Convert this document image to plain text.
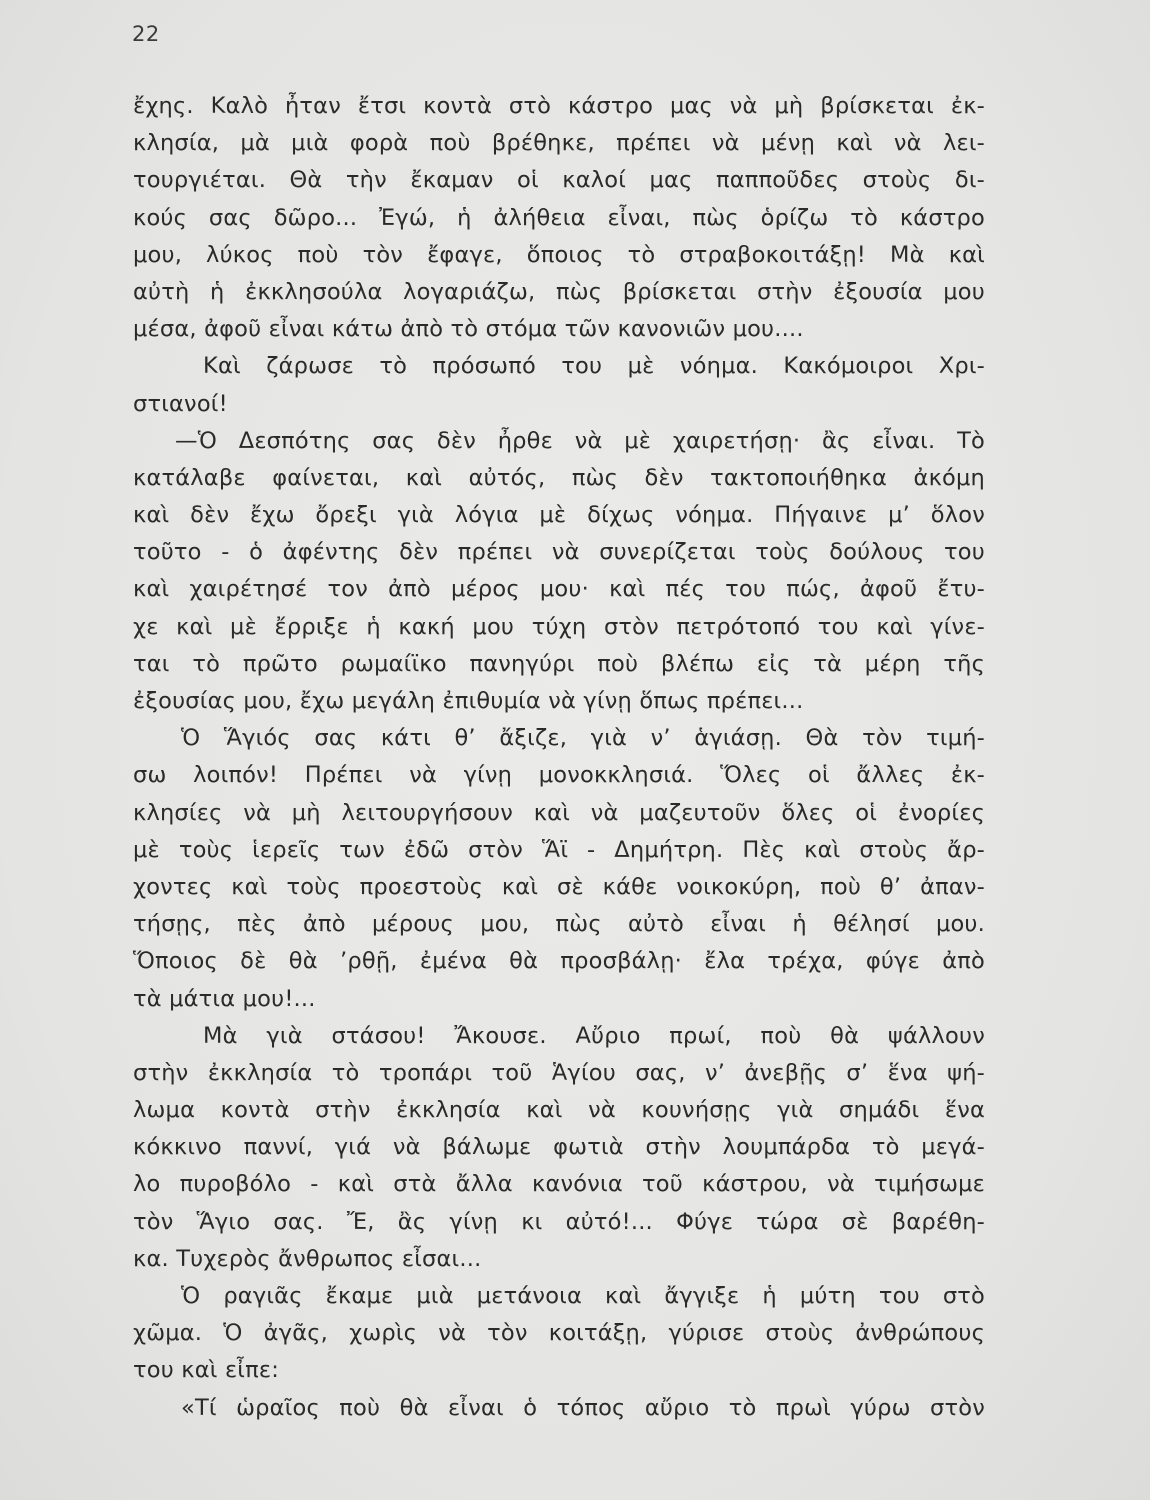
22
ἔχης. Καλὸ ἦταν ἔτσι κοντὰ στὸ κάστρο μας νὰ μὴ βρίσκεται ἐκ-
κλησία, μὰ μιὰ φορὰ ποὺ βρέθηκε, πρέπει νὰ μένῃ καὶ νὰ λει-
τουργιέται. Θὰ τὴν ἔκαμαν οἱ καλοί μας παπποῦδες στοὺς δι-
κούς σας δῶρο... Ἐγώ, ἡ ἀλήθεια εἶναι, πὼς ὁρίζω τὸ κάστρο
μου, λύκος ποὺ τὸν ἔφαγε, ὅποιος τὸ στραβοκοιτάξῃ! Μὰ καὶ
αὐτὴ ἡ ἐκκλησούλα λογαριάζω, πὼς βρίσκεται στὴν ἐξουσία μου
μέσα, ἀφοῦ εἶναι κάτω ἀπὸ τὸ στόμα τῶν κανονιῶν μου....
Καὶ ζάρωσε τὸ πρόσωπό του μὲ νόημα. Κακόμοιροι Χρι-
στιανοί!
—Ὁ Δεσπότης σας δὲν ἦρθε νὰ μὲ χαιρετήσῃ· ἂς εἶναι. Τὸ
κατάλαβε φαίνεται, καὶ αὐτός, πὼς δὲν τακτοποιήθηκα ἀκόμη
καὶ δὲν ἔχω ὄρεξι γιὰ λόγια μὲ δίχως νόημα. Πήγαινε μ’ ὅλον
τοῦτο - ὁ ἀφέντης δὲν πρέπει νὰ συνερίζεται τοὺς δούλους του
καὶ χαιρέτησέ τον ἀπὸ μέρος μου· καὶ πές του πώς, ἀφοῦ ἔτυ-
χε καὶ μὲ ἔρριξε ἡ κακή μου τύχη στὸν πετρότοπό του καὶ γίνε-
ται τὸ πρῶτο ρωμαίϊκο πανηγύρι ποὺ βλέπω εἰς τὰ μέρη τῆς
ἐξουσίας μου, ἔχω μεγάλη ἐπιθυμία νὰ γίνῃ ὅπως πρέπει...
Ὁ Ἅγιός σας κάτι θ’ ἄξιζε, γιὰ ν’ ἁγιάσῃ. Θὰ τὸν τιμή-
σω λοιπόν! Πρέπει νὰ γίνῃ μονοκκλησιά. Ὅλες οἱ ἄλλες ἐκ-
κλησίες νὰ μὴ λειτουργήσουν καὶ νὰ μαζευτοῦν ὅλες οἱ ἐνορίες
μὲ τοὺς ἱερεῖς των ἐδῶ στὸν Ἅϊ - Δημήτρη. Πὲς καὶ στοὺς ἄρ-
χοντες καὶ τοὺς προεστοὺς καὶ σὲ κάθε νοικοκύρη, ποὺ θ’ ἀπαν-
τήσῃς, πὲς ἀπὸ μέρους μου, πὼς αὐτὸ εἶναι ἡ θέλησί μου.
Ὅποιος δὲ θὰ ’ρθῇ, ἐμένα θὰ προσβάλῃ· ἔλα τρέχα, φύγε ἀπὸ
τὰ μάτια μου!...
Μὰ γιὰ στάσου! Ἄκουσε. Αὔριο πρωί, ποὺ θὰ ψάλλουν
στὴν ἐκκλησία τὸ τροπάρι τοῦ Ἁγίου σας, ν’ ἀνεβῇς σ’ ἕνα ψή-
λωμα κοντὰ στὴν ἐκκλησία καὶ νὰ κουνήσῃς γιὰ σημάδι ἕνα
κόκκινο παννί, γιά νὰ βάλωμε φωτιὰ στὴν λουμπάρδα τὸ μεγά-
λο πυροβόλο - καὶ στὰ ἄλλα κανόνια τοῦ κάστρου, νὰ τιμήσωμε
τὸν Ἅγιο σας. Ἔ, ἂς γίνῃ κι αὐτό!... Φύγε τώρα σὲ βαρέθη-
κα. Τυχερὸς ἄνθρωπος εἶσαι...
Ὁ ραγιᾶς ἔκαμε μιὰ μετάνοια καὶ ἄγγιξε ἡ μύτη του στὸ
χῶμα. Ὁ ἀγᾶς, χωρὶς νὰ τὸν κοιτάξῃ, γύρισε στοὺς ἀνθρώπους
του καὶ εἶπε:
«Τί ὡραῖος ποὺ θὰ εἶναι ὁ τόπος αὔριο τὸ πρωὶ γύρω στὸν
